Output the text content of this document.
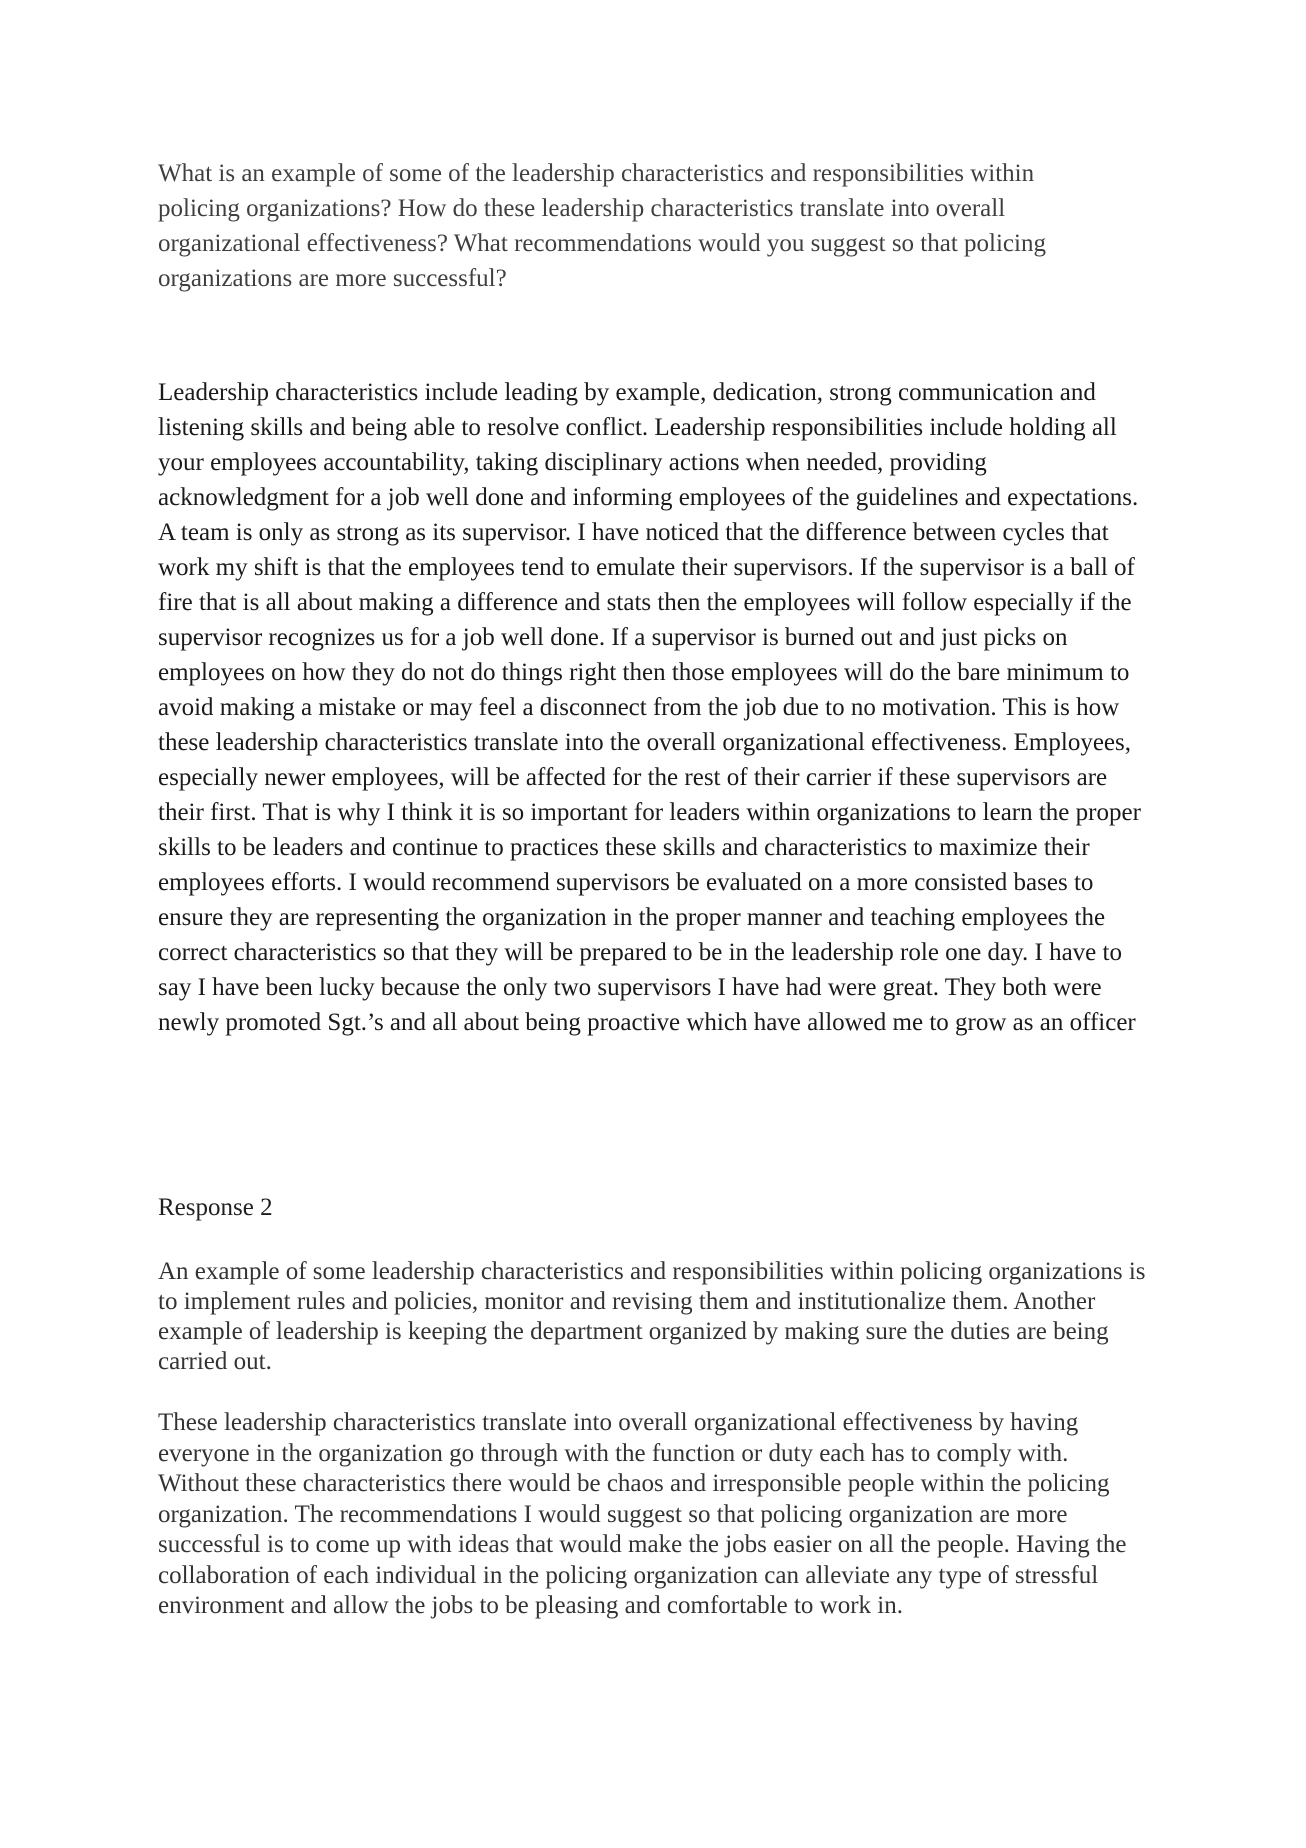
What is an example of some of the leadership characteristics and responsibilities within policing organizations? How do these leadership characteristics translate into overall organizational effectiveness? What recommendations would you suggest so that policing organizations are more successful?

Leadership characteristics include leading by example, dedication, strong communication and listening skills and being able to resolve conflict. Leadership responsibilities include holding all your employees accountability, taking disciplinary actions when needed, providing acknowledgment for a job well done and informing employees of the guidelines and expectations. A team is only as strong as its supervisor. I have noticed that the difference between cycles that work my shift is that the employees tend to emulate their supervisors. If the supervisor is a ball of fire that is all about making a difference and stats then the employees will follow especially if the supervisor recognizes us for a job well done. If a supervisor is burned out and just picks on employees on how they do not do things right then those employees will do the bare minimum to avoid making a mistake or may feel a disconnect from the job due to no motivation. This is how these leadership characteristics translate into the overall organizational effectiveness. Employees, especially newer employees, will be affected for the rest of their carrier if these supervisors are their first. That is why I think it is so important for leaders within organizations to learn the proper skills to be leaders and continue to practices these skills and characteristics to maximize their employees efforts. I would recommend supervisors be evaluated on a more consisted bases to ensure they are representing the organization in the proper manner and teaching employees the correct characteristics so that they will be prepared to be in the leadership role one day. I have to say I have been lucky because the only two supervisors I have had were great. They both were newly promoted Sgt.’s and all about being proactive which have allowed me to grow as an officer

Response 2

An example of some leadership characteristics and responsibilities within policing organizations is to implement rules and policies, monitor and revising them and institutionalize them. Another example of leadership is keeping the department organized by making sure the duties are being carried out.

These leadership characteristics translate into overall organizational effectiveness by having everyone in the organization go through with the function or duty each has to comply with. Without these characteristics there would be chaos and irresponsible people within the policing organization. The recommendations I would suggest so that policing organization are more successful is to come up with ideas that would make the jobs easier on all the people. Having the collaboration of each individual in the policing organization can alleviate any type of stressful environment and allow the jobs to be pleasing and comfortable to work in.
